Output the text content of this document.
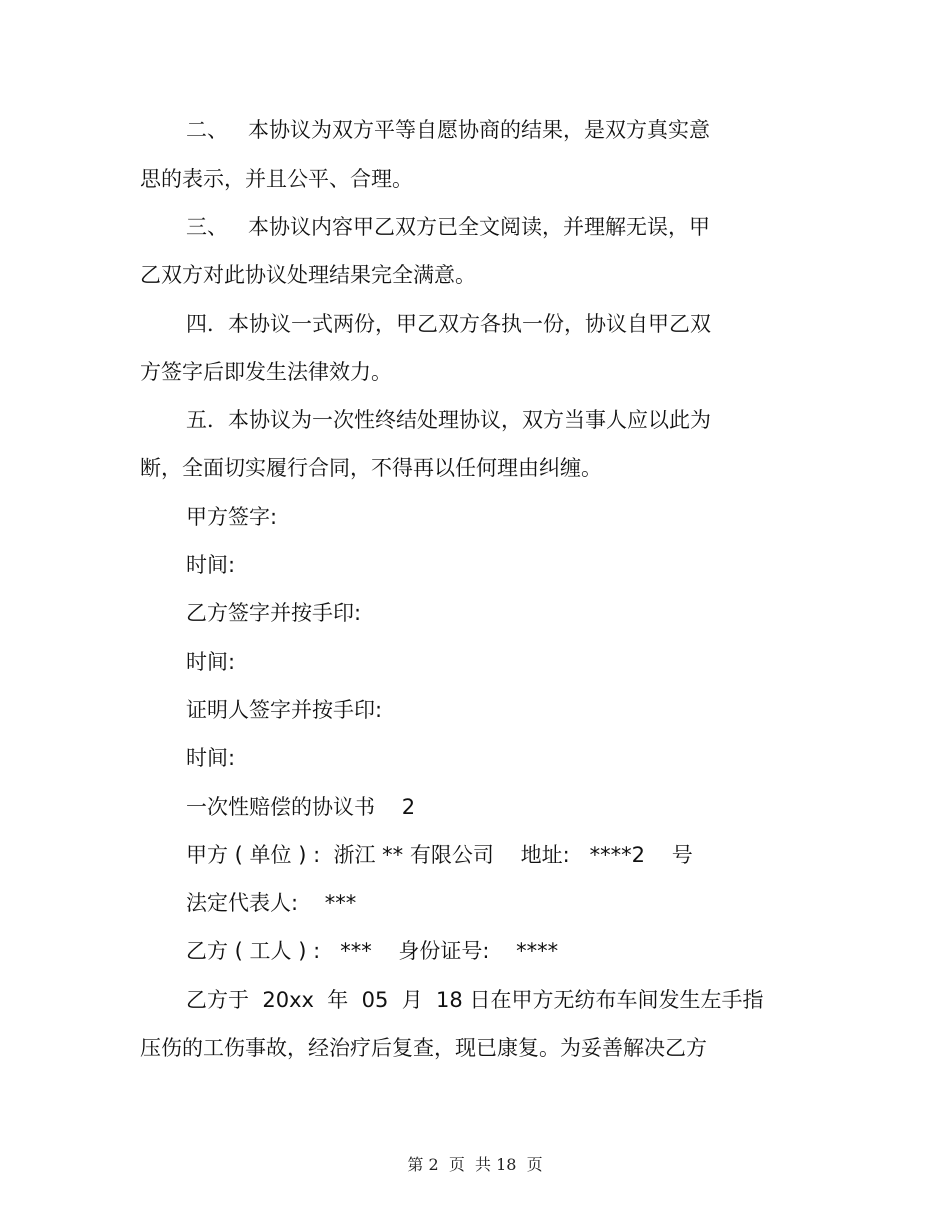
二、   本协议为双方平等自愿协商的结果，是双方真实意
思的表示，并且公平、合理。
三、   本协议内容甲乙双方已全文阅读，并理解无误，甲
乙双方对此协议处理结果完全满意。
四．本协议一式两份，甲乙双方各执一份，协议自甲乙双
方签字后即发生法律效力。
五．本协议为一次性终结处理协议，双方当事人应以此为
断，全面切实履行合同，不得再以任何理由纠缠。
甲方签字:
时间:
乙方签字并按手印:
时间:
证明人签字并按手印:
时间:
一次性赔偿的协议书    2
甲方 ( 单位 ) :  浙江 ** 有限公司    地址:   ****2    号
法定代表人:    ***
乙方 ( 工人 ) :   ***    身份证号:    ****
乙方于  20xx  年  05  月  18 日在甲方无纺布车间发生左手指
压伤的工伤事故，经治疗后复查，现已康复。为妥善解决乙方
第 2  页  共 18  页
